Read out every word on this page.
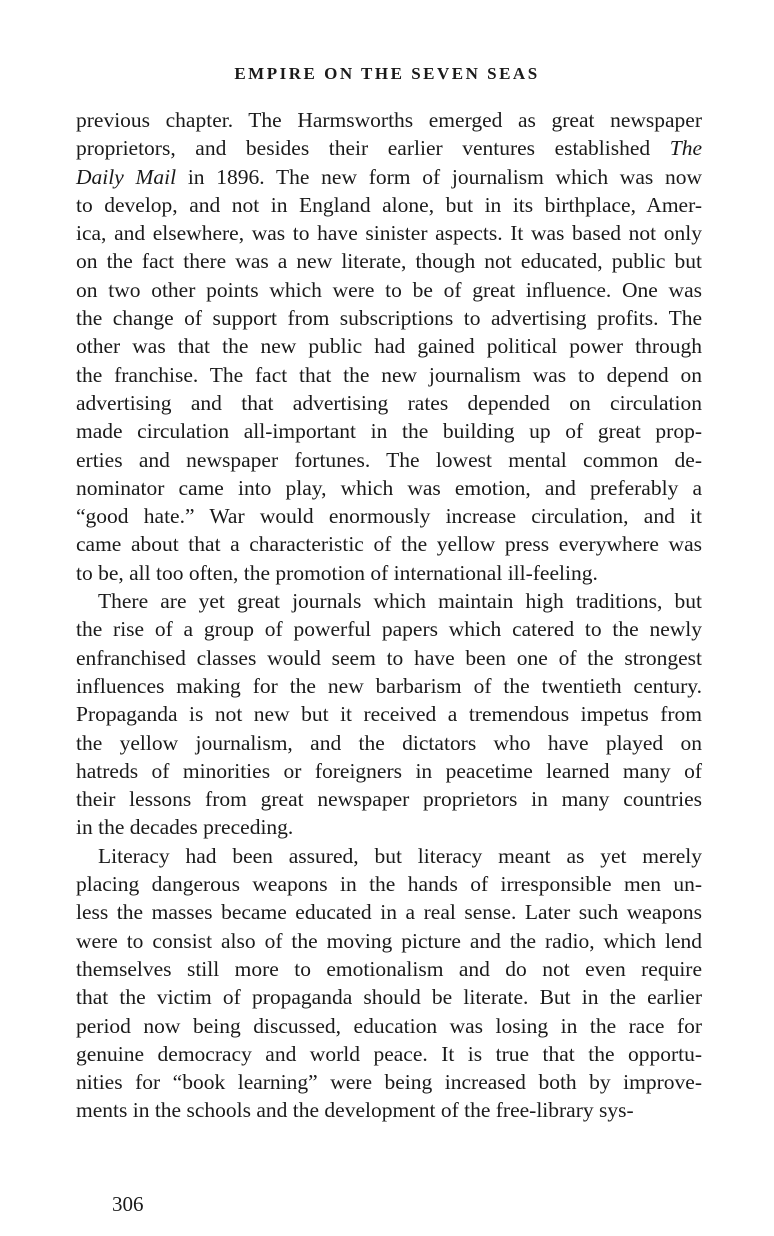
EMPIRE ON THE SEVEN SEAS

previous chapter. The Harmsworths emerged as great newspaper
proprietors, and besides their earlier ventures established The
Daily Mail in 1896. The new form of journalism which was now
to develop, and not in England alone, but in its birthplace, Amer-
ica, and elsewhere, was to have sinister aspects. It was based not only
on the fact there was a new literate, though not educated, public but
on two other points which were to be of great influence. One was
the change of support from subscriptions to advertising profits. The
other was that the new public had gained political power through
the franchise. The fact that the new journalism was to depend on
advertising and that advertising rates depended on circulation
made circulation all-important in the building up of great prop-
erties and newspaper fortunes. The lowest mental common de-
nominator came into play, which was emotion, and preferably a
“good hate.” War would enormously increase circulation, and it
came about that a characteristic of the yellow press everywhere was
to be, all too often, the promotion of international ill-feeling.

There are yet great journals which maintain high traditions, but
the rise of a group of powerful papers which catered to the newly
enfranchised classes would seem to have been one of the strongest
influences making for the new barbarism of the twentieth century.
Propaganda is not new but it received a tremendous impetus from
the yellow journalism, and the dictators who have played on
hatreds of minorities or foreigners in peacetime learned many of
their lessons from great newspaper proprietors in many countries
in the decades preceding.

Literacy had been assured, but literacy meant as yet merely
placing dangerous weapons in the hands of irresponsible men un-
less the masses became educated in a real sense. Later such weapons
were to consist also of the moving picture and the radio, which lend
themselves still more to emotionalism and do not even require
that the victim of propaganda should be literate. But in the earlier
period now being discussed, education was losing in the race for
genuine democracy and world peace. It is true that the opportu-
nities for “book learning” were being increased both by improve-
ments in the schools and the development of the free-library sys-

306
